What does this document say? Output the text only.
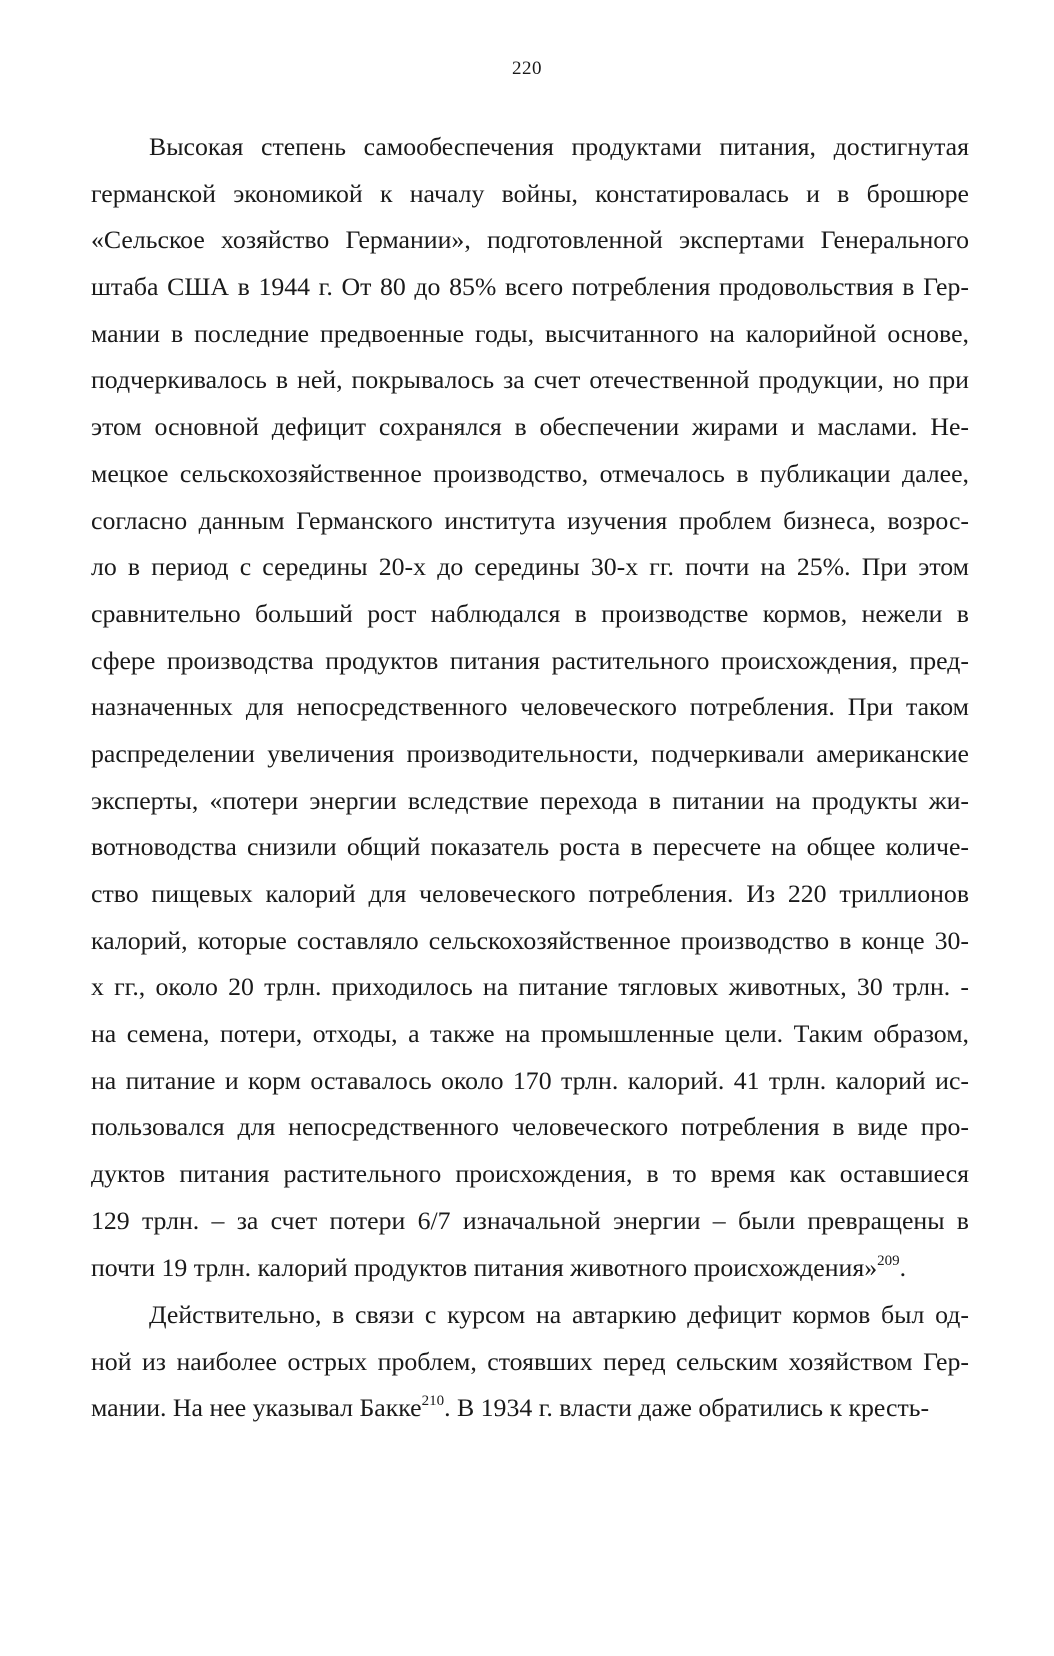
220
Высокая степень самообеспечения продуктами питания, достигнутая
германской экономикой к началу войны, констатировалась и в брошюре
«Сельское хозяйство Германии», подготовленной экспертами Генерального
штаба США в 1944 г. От 80 до 85% всего потребления продовольствия в Гер-
мании в последние предвоенные годы, высчитанного на калорийной основе,
подчеркивалось в ней, покрывалось за счет отечественной продукции, но при
этом основной дефицит сохранялся в обеспечении жирами и маслами. Не-
мецкое сельскохозяйственное производство, отмечалось в публикации далее,
согласно данным Германского института изучения проблем бизнеса, возрос-
ло в период с середины 20-х до середины 30-х гг. почти на 25%. При этом
сравнительно больший рост наблюдался в производстве кормов, нежели в
сфере производства продуктов питания растительного происхождения, пред-
назначенных для непосредственного человеческого потребления. При таком
распределении увеличения производительности, подчеркивали американские
эксперты, «потери энергии вследствие перехода в питании на продукты жи-
вотноводства снизили общий показатель роста в пересчете на общее количе-
ство пищевых калорий для человеческого потребления. Из 220 триллионов
калорий, которые составляло сельскохозяйственное производство в конце 30-
х гг., около 20 трлн. приходилось на питание тягловых животных, 30 трлн. -
на семена, потери, отходы, а также на промышленные цели. Таким образом,
на питание и корм оставалось около 170 трлн. калорий. 41 трлн. калорий ис-
пользовался для непосредственного человеческого потребления в виде про-
дуктов питания растительного происхождения, в то время как оставшиеся
129 трлн. – за счет потери 6/7 изначальной энергии – были превращены в
почти 19 трлн. калорий продуктов питания животного происхождения»$^{209}$.
Действительно, в связи с курсом на автаркию дефицит кормов был од-
ной из наиболее острых проблем, стоявших перед сельским хозяйством Гер-
мании. На нее указывал Бакке$^{210}$. В 1934 г. власти даже обратились к кресть-
